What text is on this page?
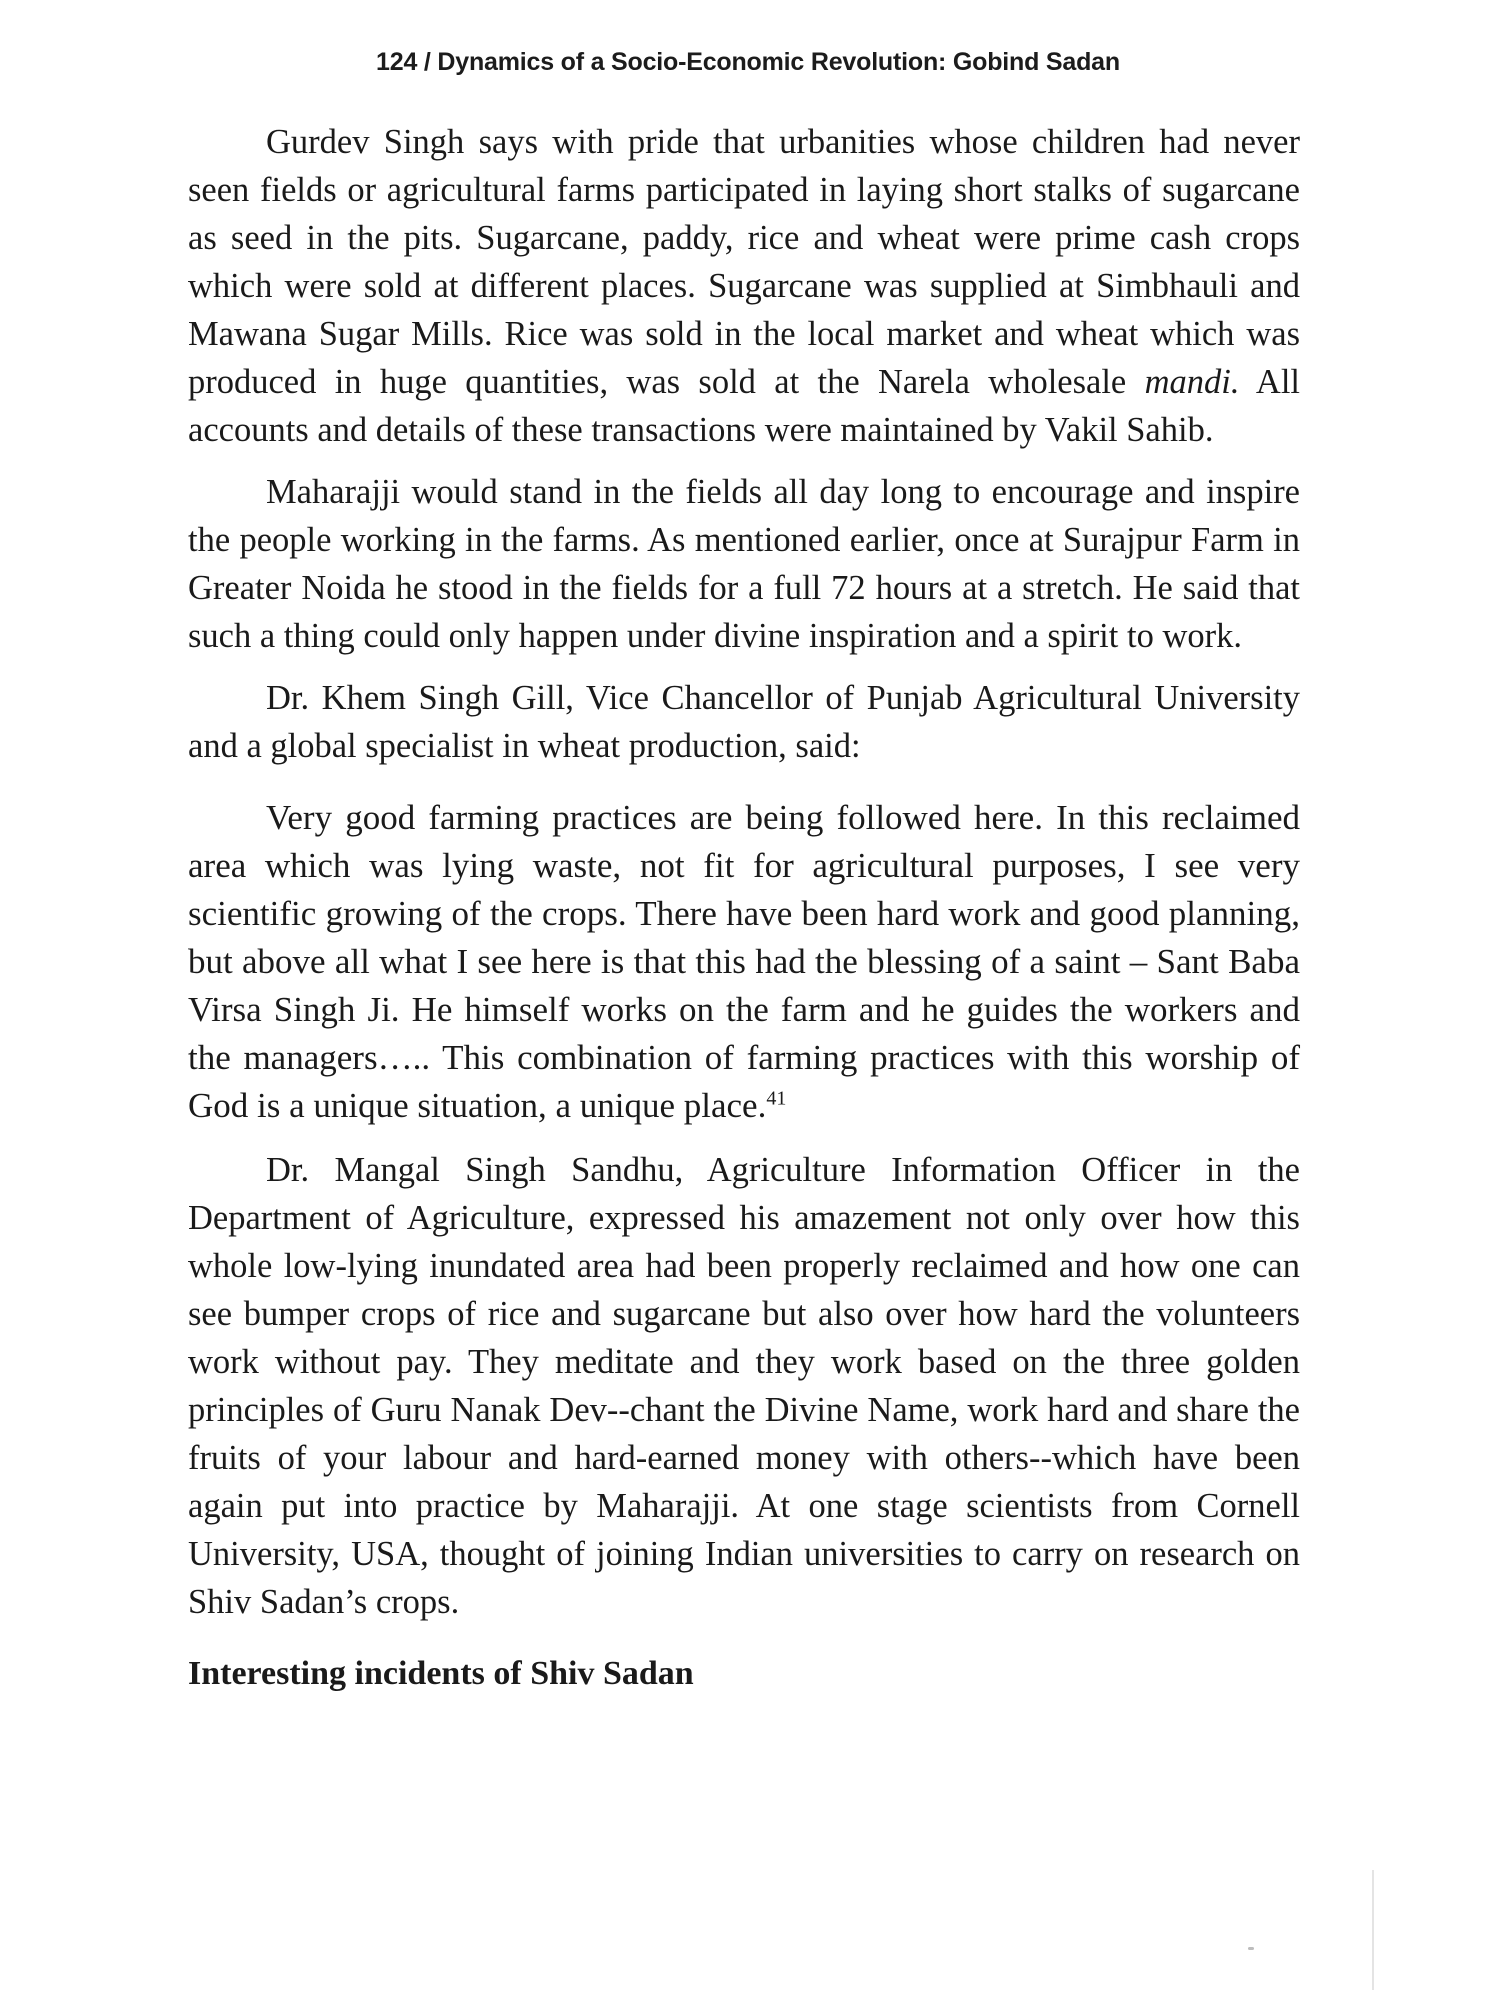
124 / Dynamics of a Socio-Economic Revolution: Gobind Sadan

Gurdev Singh says with pride that urbanities whose children had never seen fields or agricultural farms participated in laying short stalks of sugarcane as seed in the pits. Sugarcane, paddy, rice and wheat were prime cash crops which were sold at different places. Sugarcane was supplied at Simbhauli and Mawana Sugar Mills. Rice was sold in the local market and wheat which was produced in huge quantities, was sold at the Narela wholesale mandi. All accounts and details of these transactions were maintained by Vakil Sahib.

Maharajji would stand in the fields all day long to encourage and inspire the people working in the farms. As mentioned earlier, once at Surajpur Farm in Greater Noida he stood in the fields for a full 72 hours at a stretch. He said that such a thing could only happen under divine inspiration and a spirit to work.

Dr. Khem Singh Gill, Vice Chancellor of Punjab Agricultural University and a global specialist in wheat production, said:

Very good farming practices are being followed here. In this reclaimed area which was lying waste, not fit for agricultural purposes, I see very scientific growing of the crops. There have been hard work and good planning, but above all what I see here is that this had the blessing of a saint – Sant Baba Virsa Singh Ji. He himself works on the farm and he guides the workers and the managers….. This combination of farming practices with this worship of God is a unique situation, a unique place.$^{41}$

Dr. Mangal Singh Sandhu, Agriculture Information Officer in the Department of Agriculture, expressed his amazement not only over how this whole low-lying inundated area had been properly reclaimed and how one can see bumper crops of rice and sugarcane but also over how hard the volunteers work without pay. They meditate and they work based on the three golden principles of Guru Nanak Dev--chant the Divine Name, work hard and share the fruits of your labour and hard-earned money with others--which have been again put into practice by Maharajji. At one stage scientists from Cornell University, USA, thought of joining Indian universities to carry on research on Shiv Sadan’s crops.

Interesting incidents of Shiv Sadan
